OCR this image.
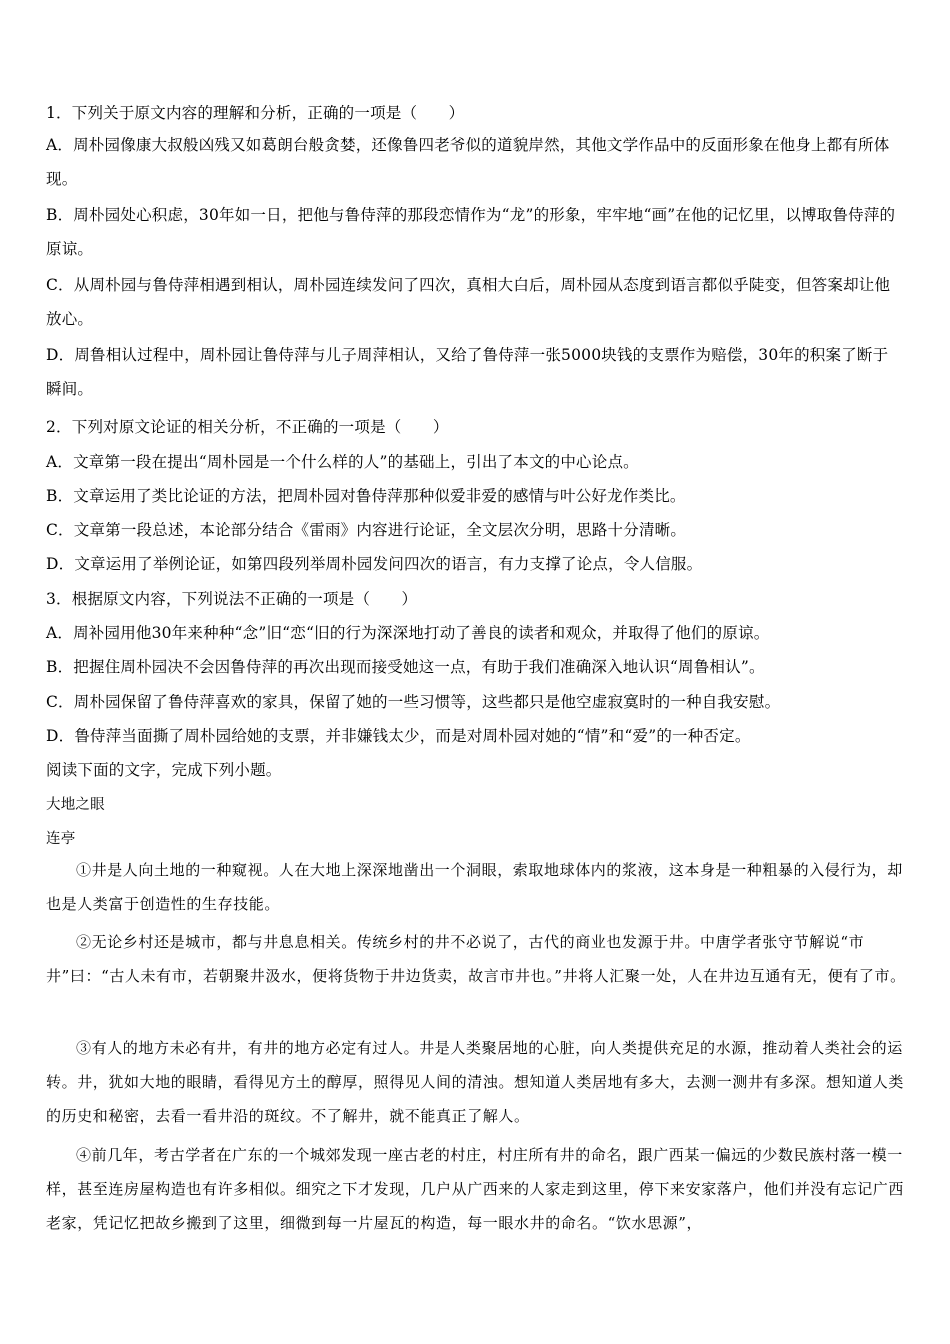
1．下列关于原文内容的理解和分析，正确的一项是（　　）
A．周朴园像康大叔般凶残又如葛朗台般贪婪，还像鲁四老爷似的道貌岸然，其他文学作品中的反面形象在他身上都有所体现。
B．周朴园处心积虑，30年如一日，把他与鲁侍萍的那段恋情作为“龙”的形象，牢牢地“画”在他的记忆里，以博取鲁侍萍的原谅。
C．从周朴园与鲁侍萍相遇到相认，周朴园连续发问了四次，真相大白后，周朴园从态度到语言都似乎陡变，但答案却让他放心。
D．周鲁相认过程中，周朴园让鲁侍萍与儿子周萍相认，又给了鲁侍萍一张5000块钱的支票作为赔偿，30年的积案了断于瞬间。
2．下列对原文论证的相关分析，不正确的一项是（　　）
A．文章第一段在提出“周朴园是一个什么样的人”的基础上，引出了本文的中心论点。
B．文章运用了类比论证的方法，把周朴园对鲁侍萍那种似爱非爱的感情与叶公好龙作类比。
C．文章第一段总述，本论部分结合《雷雨》内容进行论证，全文层次分明，思路十分清晰。
D．文章运用了举例论证，如第四段列举周朴园发问四次的语言，有力支撑了论点，令人信服。
3．根据原文内容，下列说法不正确的一项是（　　）
A．周补园用他30年来种种“念”旧“恋“旧的行为深深地打动了善良的读者和观众，并取得了他们的原谅。
B．把握住周朴园决不会因鲁侍萍的再次出现而接受她这一点，有助于我们准确深入地认识“周鲁相认”。
C．周朴园保留了鲁侍萍喜欢的家具，保留了她的一些习惯等，这些都只是他空虚寂寞时的一种自我安慰。
D．鲁侍萍当面撕了周朴园给她的支票，并非嫌钱太少，而是对周朴园对她的“情”和“爱”的一种否定。
阅读下面的文字，完成下列小题。
大地之眼
连亭
①井是人向土地的一种窥视。人在大地上深深地凿出一个洞眼，索取地球体内的浆液，这本身是一种粗暴的入侵行为，却也是人类富于创造性的生存技能。
②无论乡村还是城市，都与井息息相关。传统乡村的井不必说了，古代的商业也发源于井。中唐学者张守节解说“市井”曰：“古人未有市，若朝聚井汲水，便将货物于井边货卖，故言市井也。”井将人汇聚一处，人在井边互通有无，便有了市。
③有人的地方未必有井，有井的地方必定有过人。井是人类聚居地的心脏，向人类提供充足的水源，推动着人类社会的运转。井，犹如大地的眼睛，看得见方土的醇厚，照得见人间的清浊。想知道人类居地有多大，去测一测井有多深。想知道人类的历史和秘密，去看一看井沿的斑纹。不了解井，就不能真正了解人。
④前几年，考古学者在广东的一个城郊发现一座古老的村庄，村庄所有井的命名，跟广西某一偏远的少数民族村落一模一样，甚至连房屋构造也有许多相似。细究之下才发现，几户从广西来的人家走到这里，停下来安家落户，他们并没有忘记广西老家，凭记忆把故乡搬到了这里，细微到每一片屋瓦的构造，每一眼水井的命名。“饮水思源”，
